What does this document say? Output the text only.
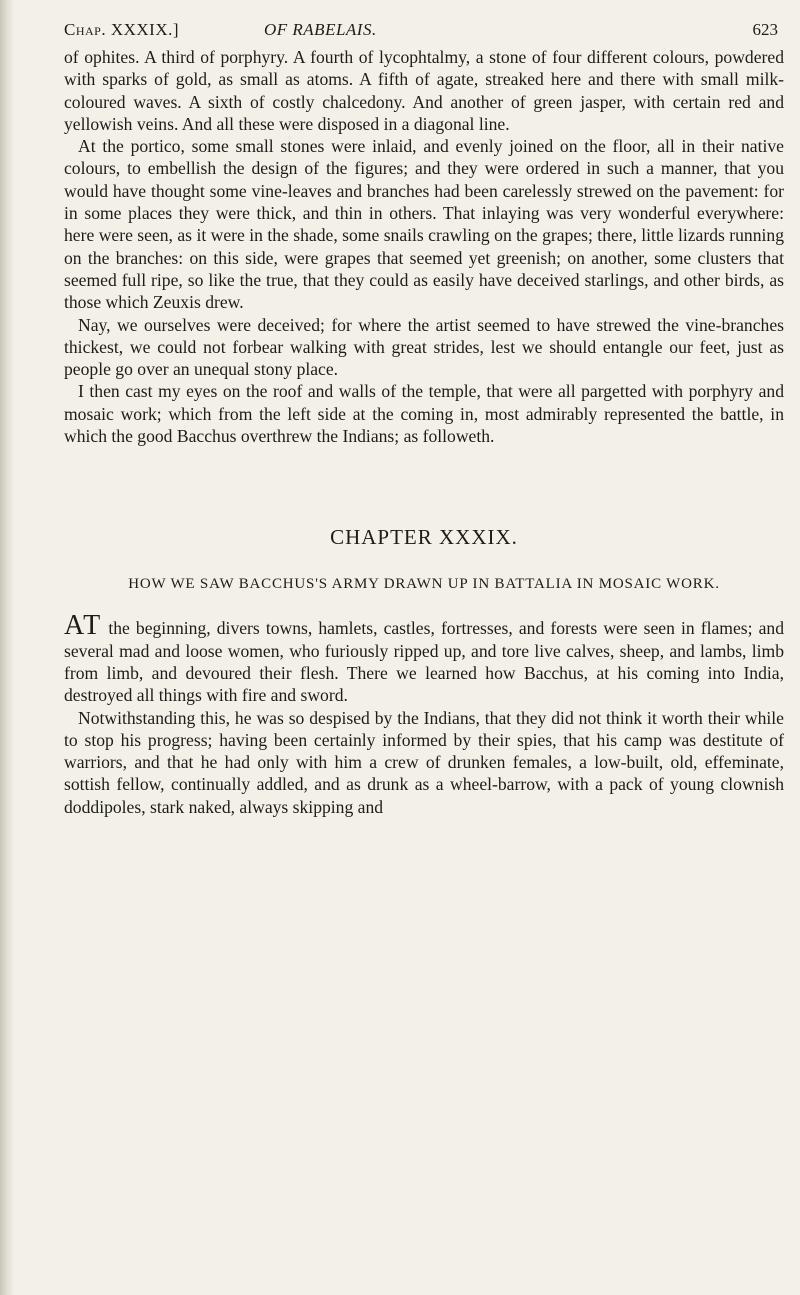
Chap. XXXIX.]	OF RABELAIS.	623

of ophites. A third of porphyry. A fourth of lycophtalmy, a stone of four different colours, powdered with sparks of gold, as small as atoms. A fifth of agate, streaked here and there with small milk-coloured waves. A sixth of costly chalcedony. And another of green jasper, with certain red and yellowish veins. And all these were disposed in a diagonal line.

At the portico, some small stones were inlaid, and evenly joined on the floor, all in their native colours, to embellish the design of the figures; and they were ordered in such a manner, that you would have thought some vine-leaves and branches had been carelessly strewed on the pavement: for in some places they were thick, and thin in others. That inlaying was very wonderful everywhere: here were seen, as it were in the shade, some snails crawling on the grapes; there, little lizards running on the branches: on this side, were grapes that seemed yet greenish; on another, some clusters that seemed full ripe, so like the true, that they could as easily have deceived starlings, and other birds, as those which Zeuxis drew.

Nay, we ourselves were deceived; for where the artist seemed to have strewed the vine-branches thickest, we could not forbear walking with great strides, lest we should entangle our feet, just as people go over an unequal stony place.

I then cast my eyes on the roof and walls of the temple, that were all pargetted with porphyry and mosaic work; which from the left side at the coming in, most admirably represented the battle, in which the good Bacchus overthrew the Indians; as followeth.

CHAPTER XXXIX.
HOW WE SAW BACCHUS'S ARMY DRAWN UP IN BATTALIA IN MOSAIC WORK.

AT the beginning, divers towns, hamlets, castles, fortresses, and forests were seen in flames; and several mad and loose women, who furiously ripped up, and tore live calves, sheep, and lambs, limb from limb, and devoured their flesh. There we learned how Bacchus, at his coming into India, destroyed all things with fire and sword.

Notwithstanding this, he was so despised by the Indians, that they did not think it worth their while to stop his progress; having been certainly informed by their spies, that his camp was destitute of warriors, and that he had only with him a crew of drunken females, a low-built, old, effeminate, sottish fellow, continually addled, and as drunk as a wheel-barrow, with a pack of young clownish doddipoles, stark naked, always skipping and
